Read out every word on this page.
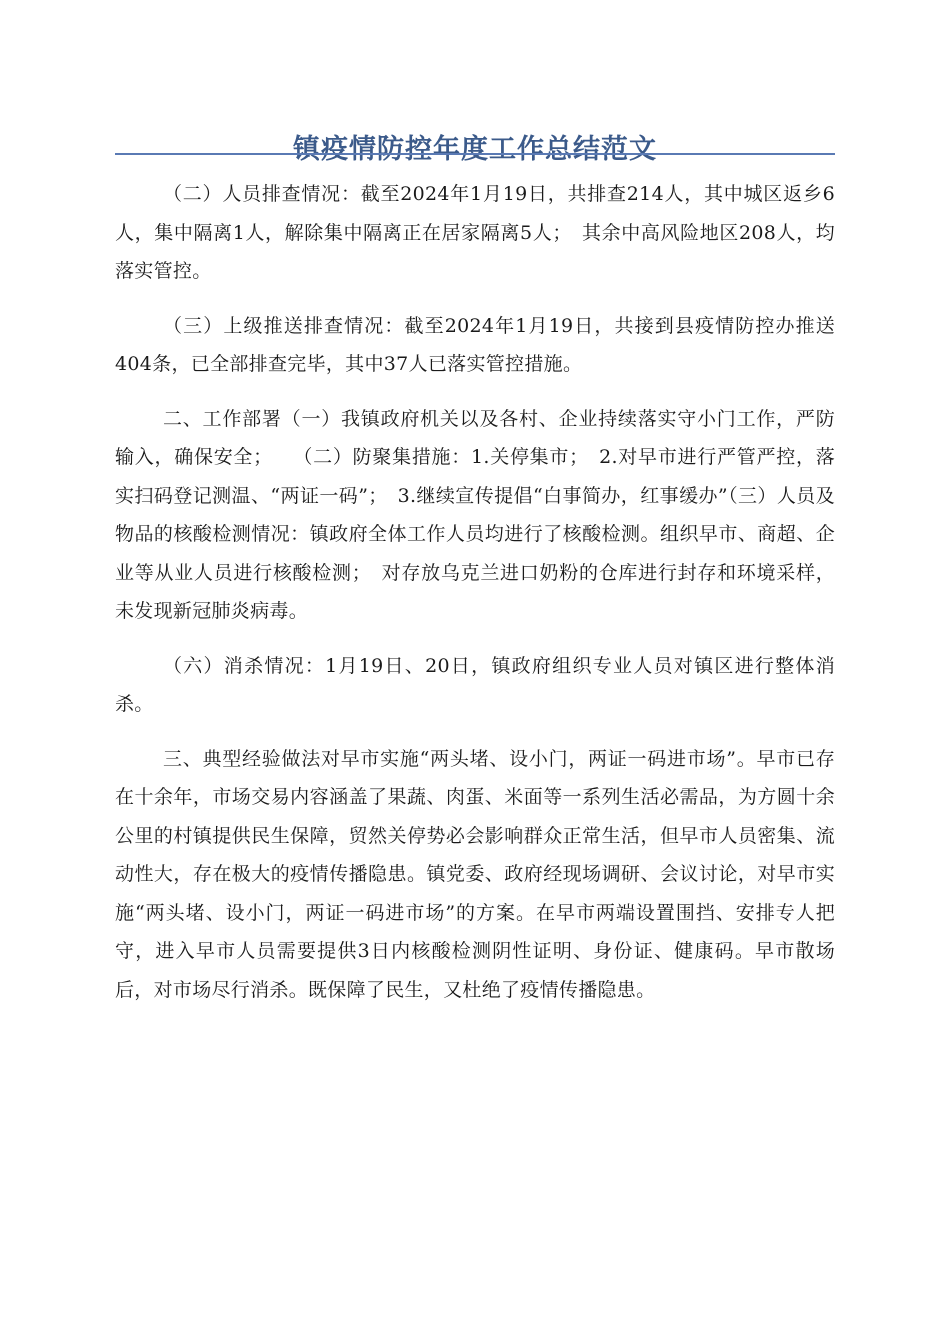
镇疫情防控年度工作总结范文

（二）人员排查情况：截至2024年1月19日，共排查214人，其中城区返乡6人，集中隔离1人，解除集中隔离正在居家隔离5人；　其余中高风险地区208人，均落实管控。

（三）上级推送排查情况：截至2024年1月19日，共接到县疫情防控办推送404条，已全部排查完毕，其中37人已落实管控措施。

二、工作部署（一）我镇政府机关以及各村、企业持续落实守小门工作，严防输入，确保安全；　　（二）防聚集措施：1.关停集市；　2.对早市进行严管严控，落实扫码登记测温、“两证一码”；　3.继续宣传提倡“白事简办，红事缓办”（三）人员及物品的核酸检测情况：镇政府全体工作人员均进行了核酸检测。组织早市、商超、企业等从业人员进行核酸检测；　对存放乌克兰进口奶粉的仓库进行封存和环境采样，未发现新冠肺炎病毒。

（六）消杀情况：1月19日、20日，镇政府组织专业人员对镇区进行整体消杀。

三、典型经验做法对早市实施“两头堵、设小门，两证一码进市场”。早市已存在十余年，市场交易内容涵盖了果蔬、肉蛋、米面等一系列生活必需品，为方圆十余公里的村镇提供民生保障，贸然关停势必会影响群众正常生活，但早市人员密集、流动性大，存在极大的疫情传播隐患。镇党委、政府经现场调研、会议讨论，对早市实施“两头堵、设小门，两证一码进市场”的方案。在早市两端设置围挡、安排专人把守，进入早市人员需要提供3日内核酸检测阴性证明、身份证、健康码。早市散场后，对市场尽行消杀。既保障了民生，又杜绝了疫情传播隐患。
